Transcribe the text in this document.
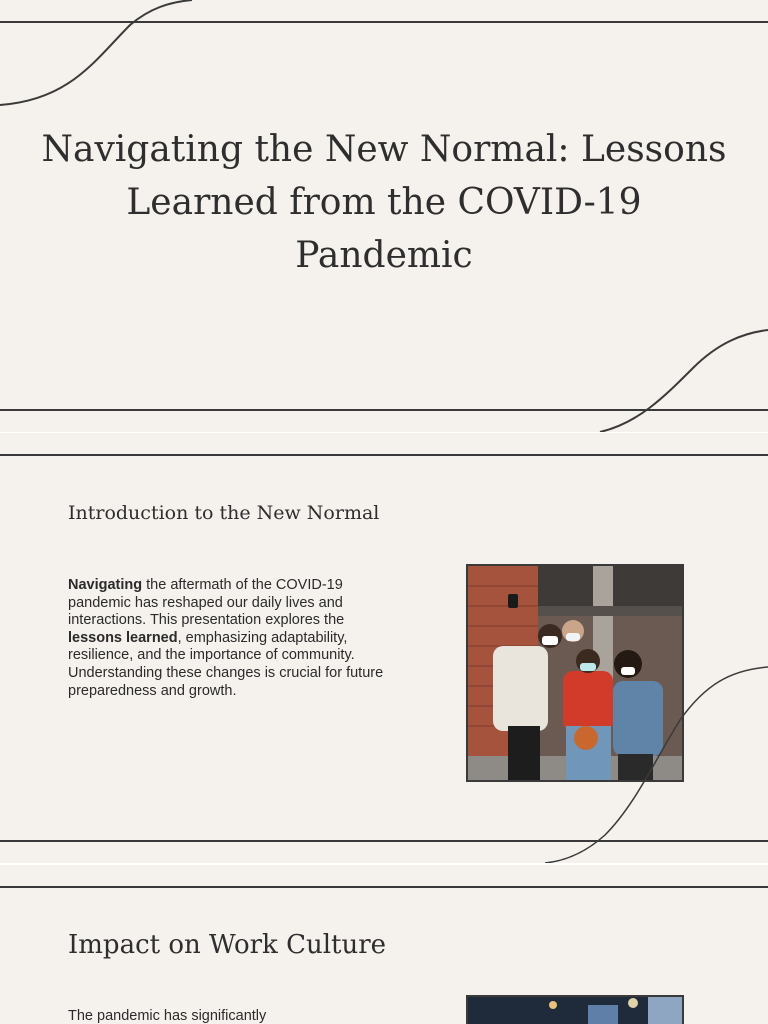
Navigating the New Normal: Lessons Learned from the COVID-19 Pandemic
Introduction to the New Normal

Navigating the aftermath of the COVID-19 pandemic has reshaped our daily lives and interactions. This presentation explores the lessons learned, emphasizing adaptability, resilience, and the importance of community. Understanding these changes is crucial for future preparedness and growth.

Impact on Work Culture

The pandemic has significantly
